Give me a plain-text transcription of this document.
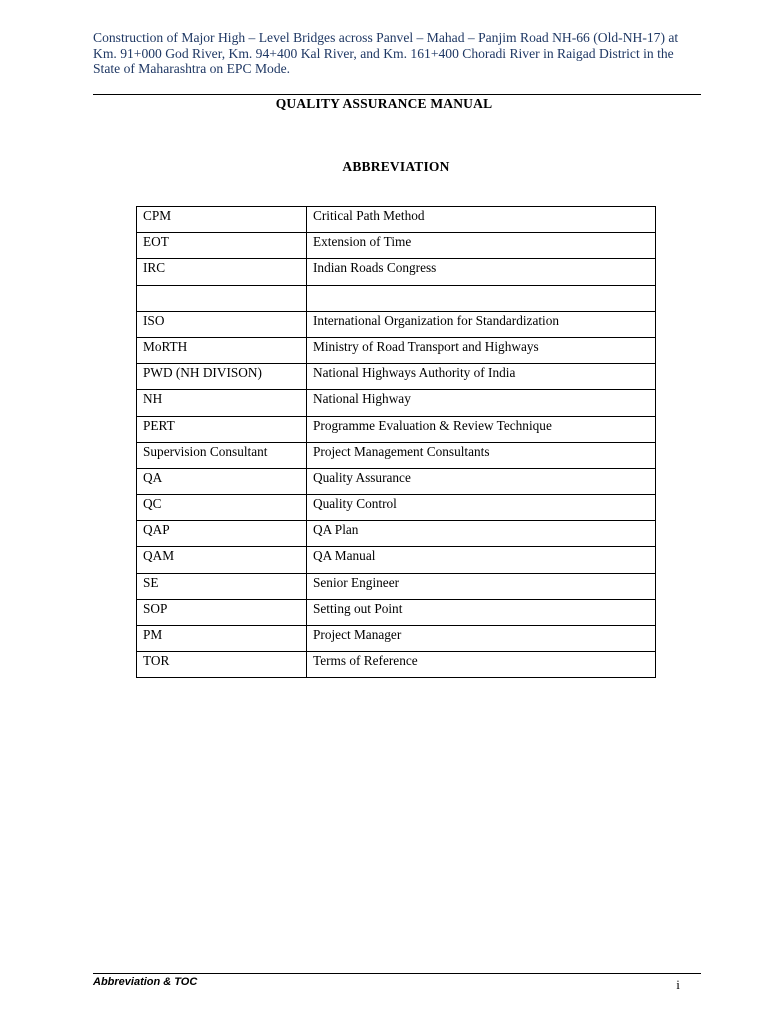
Construction of Major High – Level Bridges across Panvel – Mahad – Panjim Road NH-66 (Old-NH-17) at Km. 91+000 God River, Km. 94+400 Kal River, and Km. 161+400 Choradi River in Raigad District in the State of Maharashtra on EPC Mode.
QUALITY ASSURANCE MANUAL
ABBREVIATION
CPM	Critical Path Method

EOT	Extension of Time

IRC	Indian Roads Congress

ISO	International Organization for Standardization

MoRTH	Ministry of Road Transport and Highways

PWD (NH DIVISON)	National Highways Authority of India

NH	National Highway

PERT	Programme Evaluation & Review Technique

Supervision Consultant	Project Management Consultants

QA	Quality Assurance

QC	Quality Control

QAP	QA Plan

QAM	QA Manual

SE	Senior Engineer

SOP	Setting out Point

PM	Project Manager

TOR	Terms of Reference
Abbreviation & TOC	i
